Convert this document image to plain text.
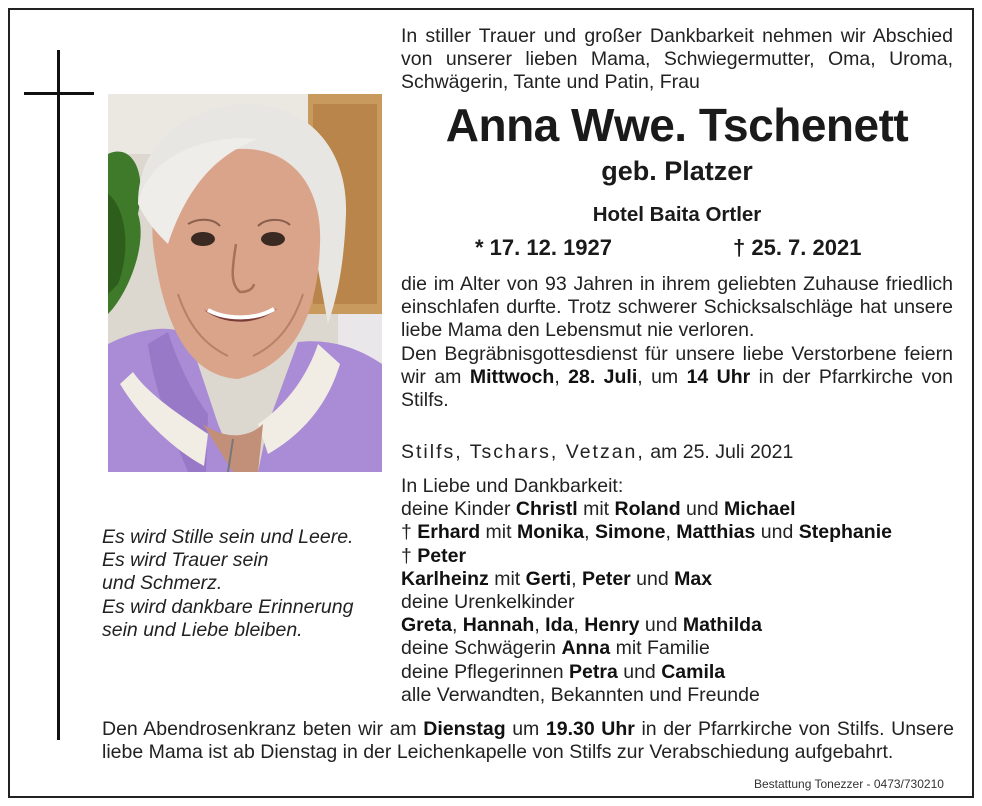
Es wird Stille sein und Leere.
Es wird Trauer sein
und Schmerz.
Es wird dankbare Erinnerung
sein und Liebe bleiben.
In stiller Trauer und großer Dankbarkeit nehmen wir Abschied von unserer lieben Mama, Schwiegermutter, Oma, Uroma, Schwägerin, Tante und Patin, Frau
Anna Wwe. Tschenett
geb. Platzer
Hotel Baita Ortler
* 17. 12. 1927	† 25. 7. 2021
die im Alter von 93 Jahren in ihrem geliebten Zuhause friedlich einschlafen durfte. Trotz schwerer Schicksalschläge hat unsere liebe Mama den Lebensmut nie verloren.
Den Begräbnisgottesdienst für unsere liebe Verstorbene feiern wir am Mittwoch, 28. Juli, um 14 Uhr in der Pfarrkirche von Stilfs.
Stilfs, Tschars, Vetzan, am 25. Juli 2021
In Liebe und Dankbarkeit:
deine Kinder Christl mit Roland und Michael
† Erhard mit Monika, Simone, Matthias und Stephanie
† Peter
Karlheinz mit Gerti, Peter und Max
deine Urenkelkinder
Greta, Hannah, Ida, Henry und Mathilda
deine Schwägerin Anna mit Familie
deine Pflegerinnen Petra und Camila
alle Verwandten, Bekannten und Freunde
Den Abendrosenkranz beten wir am Dienstag um 19.30 Uhr in der Pfarrkirche von Stilfs. Unsere liebe Mama ist ab Dienstag in der Leichenkapelle von Stilfs zur Verabschiedung aufgebahrt.
Bestattung Tonezzer - 0473/730210
